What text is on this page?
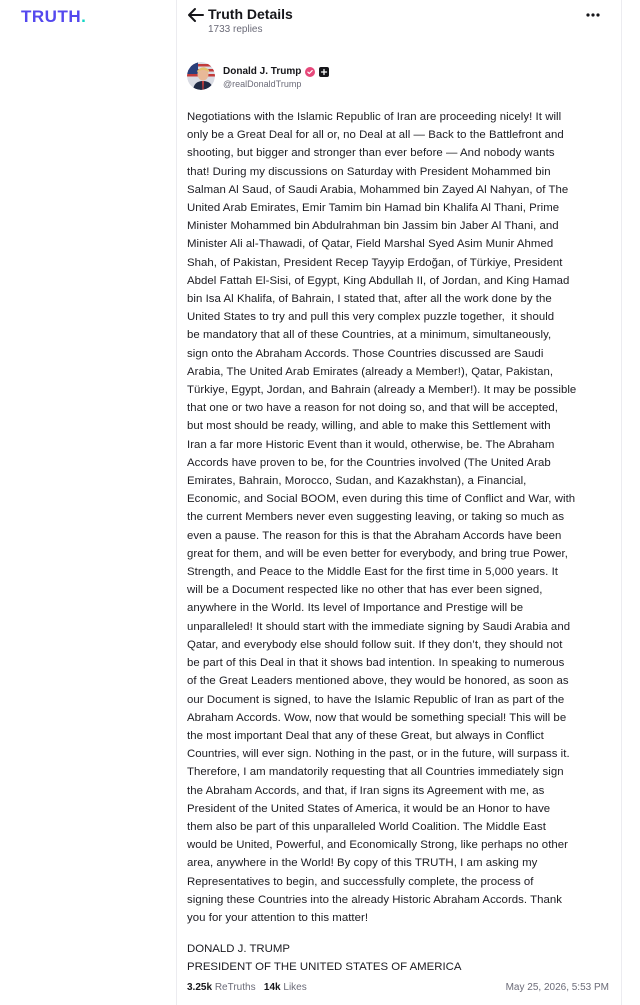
TRUTH.	Truth Details
1733 replies
Donald J. Trump
@realDonaldTrump
Negotiations with the Islamic Republic of Iran are proceeding nicely! It will
only be a Great Deal for all or, no Deal at all — Back to the Battlefront and
shooting, but bigger and stronger than ever before — And nobody wants
that! During my discussions on Saturday with President Mohammed bin
Salman Al Saud, of Saudi Arabia, Mohammed bin Zayed Al Nahyan, of The
United Arab Emirates, Emir Tamim bin Hamad bin Khalifa Al Thani, Prime
Minister Mohammed bin Abdulrahman bin Jassim bin Jaber Al Thani, and
Minister Ali al-Thawadi, of Qatar, Field Marshal Syed Asim Munir Ahmed
Shah, of Pakistan, President Recep Tayyip Erdoğan, of Türkiye, President
Abdel Fattah El-Sisi, of Egypt, King Abdullah II, of Jordan, and King Hamad
bin Isa Al Khalifa, of Bahrain, I stated that, after all the work done by the
United States to try and pull this very complex puzzle together,  it should
be mandatory that all of these Countries, at a minimum, simultaneously,
sign onto the Abraham Accords. Those Countries discussed are Saudi
Arabia, The United Arab Emirates (already a Member!), Qatar, Pakistan,
Türkiye, Egypt, Jordan, and Bahrain (already a Member!). It may be possible
that one or two have a reason for not doing so, and that will be accepted,
but most should be ready, willing, and able to make this Settlement with
Iran a far more Historic Event than it would, otherwise, be. The Abraham
Accords have proven to be, for the Countries involved (The United Arab
Emirates, Bahrain, Morocco, Sudan, and Kazakhstan), a Financial,
Economic, and Social BOOM, even during this time of Conflict and War, with
the current Members never even suggesting leaving, or taking so much as
even a pause. The reason for this is that the Abraham Accords have been
great for them, and will be even better for everybody, and bring true Power,
Strength, and Peace to the Middle East for the first time in 5,000 years. It
will be a Document respected like no other that has ever been signed,
anywhere in the World. Its level of Importance and Prestige will be
unparalleled! It should start with the immediate signing by Saudi Arabia and
Qatar, and everybody else should follow suit. If they don’t, they should not
be part of this Deal in that it shows bad intention. In speaking to numerous
of the Great Leaders mentioned above, they would be honored, as soon as
our Document is signed, to have the Islamic Republic of Iran as part of the
Abraham Accords. Wow, now that would be something special! This will be
the most important Deal that any of these Great, but always in Conflict
Countries, will ever sign. Nothing in the past, or in the future, will surpass it.
Therefore, I am mandatorily requesting that all Countries immediately sign
the Abraham Accords, and that, if Iran signs its Agreement with me, as
President of the United States of America, it would be an Honor to have
them also be part of this unparalleled World Coalition. The Middle East
would be United, Powerful, and Economically Strong, like perhaps no other
area, anywhere in the World! By copy of this TRUTH, I am asking my
Representatives to begin, and successfully complete, the process of
signing these Countries into the already Historic Abraham Accords. Thank
you for your attention to this matter!
DONALD J. TRUMP
PRESIDENT OF THE UNITED STATES OF AMERICA
3.25k ReTruths 14k Likes	May 25, 2026, 5:53 PM
